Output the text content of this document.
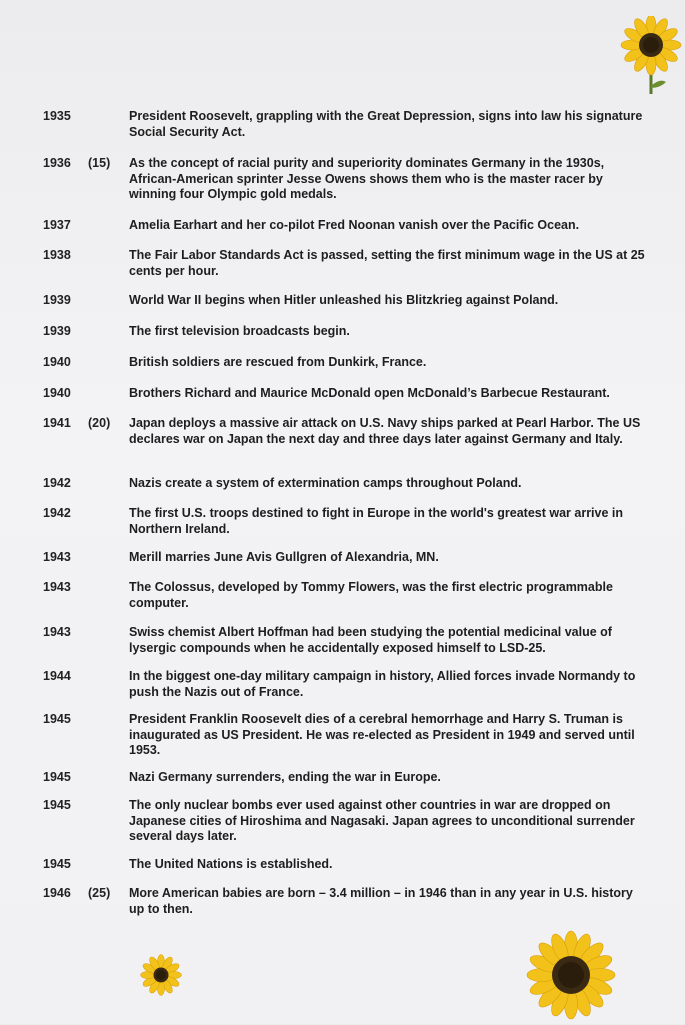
1935	President Roosevelt, grappling with the Great Depression, signs into law his signature Social Security Act.
1936 (15) As the concept of racial purity and superiority dominates Germany in the 1930s, African-American sprinter Jesse Owens shows them who is the master racer by winning four Olympic gold medals.
1937	Amelia Earhart and her co-pilot Fred Noonan vanish over the Pacific Ocean.
1938	The Fair Labor Standards Act is passed, setting the first minimum wage in the US at 25 cents per hour.
1939	World War II begins when Hitler unleashed his Blitzkrieg against Poland.
1939	The first television broadcasts begin.
1940	British soldiers are rescued from Dunkirk, France.
1940	Brothers Richard and Maurice McDonald open McDonald’s Barbecue Restaurant.
1941 (20) Japan deploys a massive air attack on U.S. Navy ships parked at Pearl Harbor. The US declares war on Japan the next day and three days later against Germany and Italy.
1942	Nazis create a system of extermination camps throughout Poland.
1942	The first U.S. troops destined to fight in Europe in the world's greatest war arrive in Northern Ireland.
1943	Merill marries June Avis Gullgren of Alexandria, MN.
1943	The Colossus, developed by Tommy Flowers, was the first electric programmable computer.
1943	Swiss chemist Albert Hoffman had been studying the potential medicinal value of lysergic compounds when he accidentally exposed himself to LSD-25.
1944	In the biggest one-day military campaign in history, Allied forces invade Normandy to push the Nazis out of France.
1945	President Franklin Roosevelt dies of a cerebral hemorrhage and Harry S. Truman is inaugurated as US President. He was re-elected as President in 1949 and served until 1953.
1945	Nazi Germany surrenders, ending the war in Europe.
1945	The only nuclear bombs ever used against other countries in war are dropped on Japanese cities of Hiroshima and Nagasaki. Japan agrees to unconditional surrender several days later.
1945	The United Nations is established.
1946 (25) More American babies are born – 3.4 million – in 1946 than in any year in U.S. history up to then.
